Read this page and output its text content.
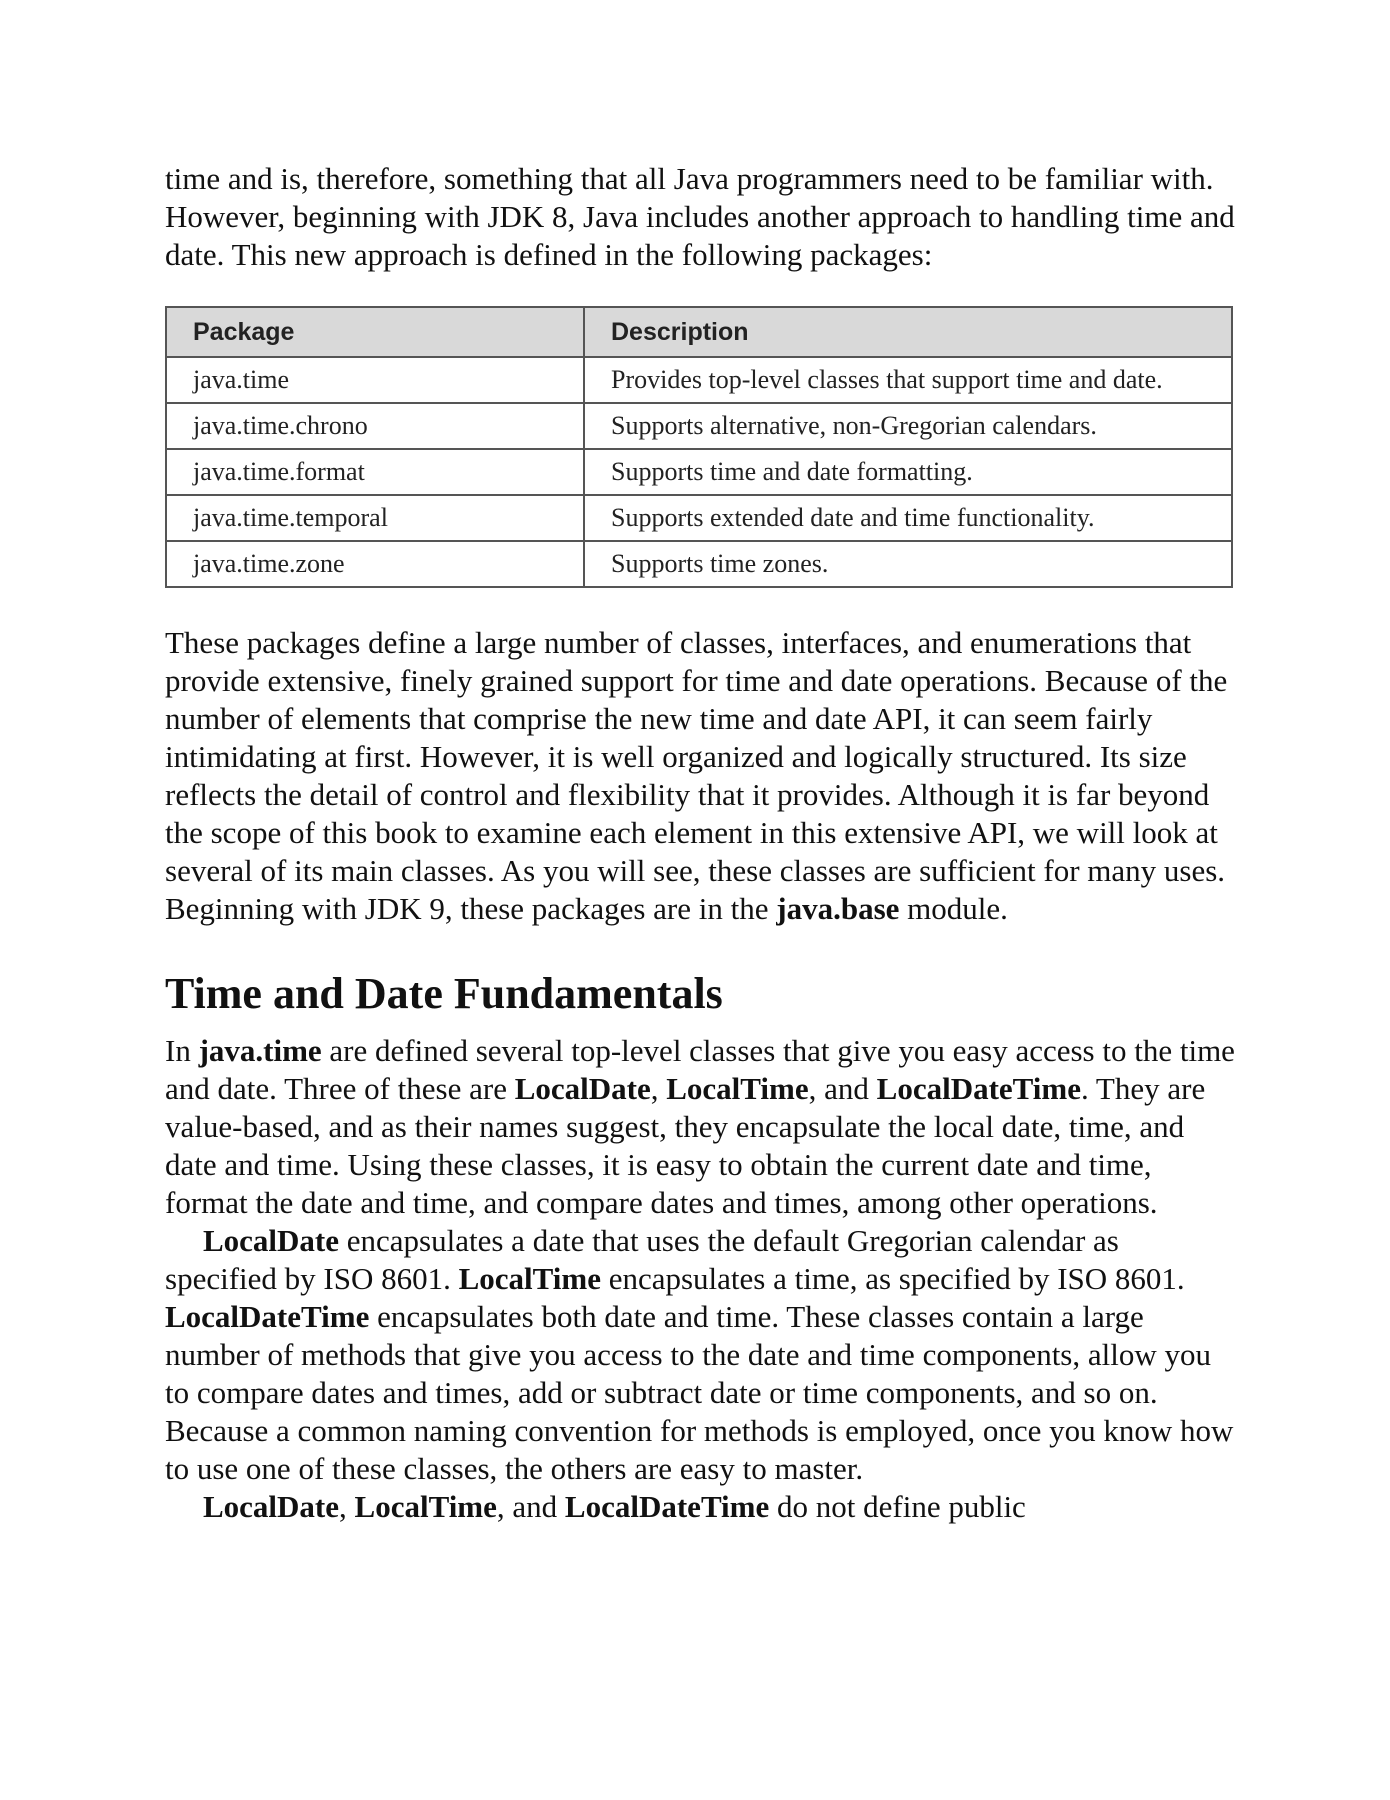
time and is, therefore, something that all Java programmers need to be familiar with. However, beginning with JDK 8, Java includes another approach to handling time and date. This new approach is defined in the following packages:

Package	Description
java.time	Provides top-level classes that support time and date.
java.time.chrono	Supports alternative, non-Gregorian calendars.
java.time.format	Supports time and date formatting.
java.time.temporal	Supports extended date and time functionality.
java.time.zone	Supports time zones.

These packages define a large number of classes, interfaces, and enumerations that provide extensive, finely grained support for time and date operations. Because of the number of elements that comprise the new time and date API, it can seem fairly intimidating at first. However, it is well organized and logically structured. Its size reflects the detail of control and flexibility that it provides. Although it is far beyond the scope of this book to examine each element in this extensive API, we will look at several of its main classes. As you will see, these classes are sufficient for many uses. Beginning with JDK 9, these packages are in the java.base module.

Time and Date Fundamentals

In java.time are defined several top-level classes that give you easy access to the time and date. Three of these are LocalDate, LocalTime, and LocalDateTime. They are value-based, and as their names suggest, they encapsulate the local date, time, and date and time. Using these classes, it is easy to obtain the current date and time, format the date and time, and compare dates and times, among other operations.

LocalDate encapsulates a date that uses the default Gregorian calendar as specified by ISO 8601. LocalTime encapsulates a time, as specified by ISO 8601. LocalDateTime encapsulates both date and time. These classes contain a large number of methods that give you access to the date and time components, allow you to compare dates and times, add or subtract date or time components, and so on. Because a common naming convention for methods is employed, once you know how to use one of these classes, the others are easy to master.

LocalDate, LocalTime, and LocalDateTime do not define public
